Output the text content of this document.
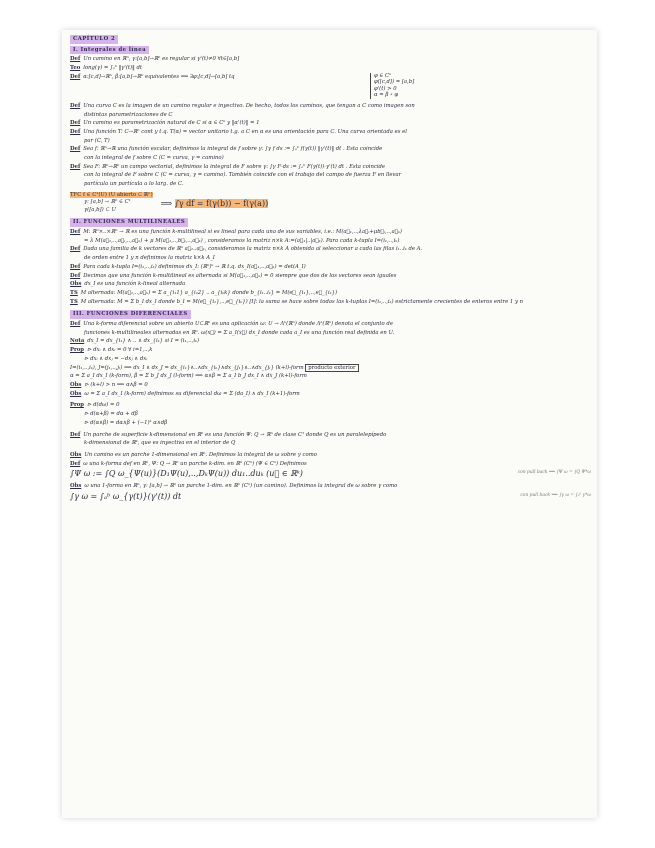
CAPÍTULO 2
I. Integrales de línea
Def Un camino en ℝⁿ, γ:[a,b]→ℝⁿ es regular si γ'(t)≠0 ∀t∈[a,b]
Teo long(γ) = ∫ₐᵇ ‖γ'(t)‖ dt
Def α:[c,d]→ℝⁿ, β:[a,b]→ℝⁿ equivalentes ⟺ ∃φ:[c,d]→[a,b] tq	φ ∈ Cⁿ
φ([c,d]) = [a,b]
φ'(t) > 0
α = β ∘ φ
Def Una curva C es la imagen de un camino regular e inyectivo. De hecho, todos los caminos, que tengan a C como imagen son
distintas parametrizaciones de C
Def Un camino es parametrización natural de C si α ∈ Cⁿ y ‖α'(t)‖ = 1
Def Una función T: C→ℝⁿ cont y t.q. T(α) = vector unitario t.g. a C en α es una orientación para C. Una curva orientada es el
par (C, T)
Def Sea f: ℝⁿ→ℝ una función escalar, definimos la integral de f sobre γ: ∫γ f ds := ∫ₐᵇ f(γ(t)) ‖γ'(t)‖ dt . Esta coincide
con la integral de f sobre C (C = curva, γ = camino)
Def Sea F: ℝⁿ→ℝⁿ un campo vectorial, definimos la integral de F sobre γ: ∫γ F·ds := ∫ₐᵇ F(γ(t))·γ'(t) dt . Esta coincide
con la integral de F sobre C (C = curva, γ = camino). También coincide con el trabajo del campo de fuerza F en llevar
partícula un partícula a lo larg. de C.
TFC f ∈ C¹(U) (U abierto ⊂ ℝⁿ)
γ: [a,b] → ℝⁿ ∈ C¹
γ([a,b]) ⊂ U
⟹ ∫γ df = f(γ(b)) − f(γ(a))
II. FUNCIONES MULTILINEALES
Def M: ℝⁿ×..×ℝⁿ → ℝ es una función k-multilineal si es lineal para cada una de sus variables, i.e.: M(a⃗₁,..,λa⃗ᵢ+μb⃗ᵢ,..,a⃗ₖ)
= λ M(a⃗₁,..,a⃗ᵢ,..,a⃗ₖ) + μ M(a⃗₁,..,b⃗ᵢ,..,a⃗ₖ) , consideramos la matriz n×k A:=(a⃗₁|..|a⃗ₖ). Para cada k-tupla I=(i₁,..,iₖ)
Def Dada una familia de k vectores de ℝⁿ a⃗₁..a⃗ₖ, consideramos la matriz n×k A obtenida al seleccionar a cada las filas i₁..iₖ de A.
de orden entre 1 y n definimos la matriz k×k A_I
Def Para cada k-tupla I=(i₁,..,iₖ) definimos dx_I: (ℝⁿ)ᵏ → ℝ t.q. dx_I(a⃗₁,..,a⃗ₖ) = det(A_I)
Def Decimos que una función k-multilineal es alternada si M(a⃗₁,..,a⃗ₖ) = 0 siempre que dos de los vectores sean iguales
Obs dx_I es una función k-lineal alternada
TS M alternada: M(a⃗₁,..,a⃗ₖ) = Σ a_{i₁1} a_{i₂2} .. a_{iₖk} donde b_{i₁..iₖ} = M(e⃗_{i₁},..,e⃗_{iₖ})
TS M alternada: M = Σ b_I dx_I donde b_I = M(e⃗_{i₁},..,e⃗_{iₖ}) [I]: la suma se hace sobre todas las k-tuplas I=(i₁,..,iₖ) estrictamente crecientes de enteros entre 1 y n
III. FUNCIONES DIFERENCIALES
Def Una k-forma diferencial sobre un abierto U⊂ℝⁿ es una aplicación ω: U → Λᵏ(ℝⁿ) donde Λᵏ(ℝⁿ) denota el conjunto de
funciones k-multilineales alternadas en ℝⁿ. ω(x⃗) = Σ a_I(x⃗) dx_I donde cada a_I es una función real definida en U.
Nota dx_I = dx_{i₁} ∧ .. ∧ dx_{iₖ} si I = (i₁,..,iₖ)
Prop ⊳ dxᵢ ∧ dxᵢ = 0 ∀ i=1,..,k
⊳ dxᵢ ∧ dxⱼ = −dxⱼ ∧ dxᵢ
I=(i₁,..,iₖ), J=(j₁,..,jₗ) ⟹ dx_I ∧ dx_J = dx_{i₁}∧..∧dx_{iₖ}∧dx_{j₁}∧..∧dx_{jₗ} (k+l)-form producto exterior
α = Σ a_I dx_I (k-form), β = Σ b_J dx_J (l-form) ⟹ α∧β = Σ a_I b_J dx_I ∧ dx_J (k+l)-form
Obs ⊳ (k+l) > n ⟹ α∧β = 0
Obs ω = Σ a_I dx_I (k-form) definimos su diferencial dω = Σ (da_I) ∧ dx_I (k+1)-form
Prop ⊳ d(dω) = 0
⊳ d(α+β) = dα + dβ
⊳ d(α∧β) = dα∧β + (−1)ᵏ α∧dβ
Def Un parche de superficie k-dimensional en ℝⁿ es una función Ψ: Q → ℝⁿ de clase C¹ donde Q es un paralelepípedo
k-dimensional de ℝᵏ, que es inyectiva en el interior de Q
Obs Un camino es un parche 1-dimensional en ℝⁿ. Definimos la integral de ω sobre γ como
Def ω una k-forma def en ℝⁿ, Ψ: Q → ℝⁿ un parche k-dim. en ℝⁿ (Cⁿ) (Ψ ∈ Cⁿ) Definimos
∫Ψ ω := ∫Q ω_{Ψ(u)}(D₁Ψ(u),..,DₖΨ(u)) du₁..duₖ (u⃗ ∈ ℝᵏ)	con pull back ⟹ ∫Ψ ω = ∫Q Ψ*ω
Obs ω una 1-forma en ℝⁿ, γ: [a,b] → ℝⁿ un parche 1-dim. en ℝⁿ (Cⁿ) (un camino). Definimos la integral de ω sobre γ como
∫γ ω = ∫ₐᵇ ω_{γ(t)}(γ'(t)) dt	con pull back ⟹ ∫γ ω = ∫ₐᵇ γ*ω
